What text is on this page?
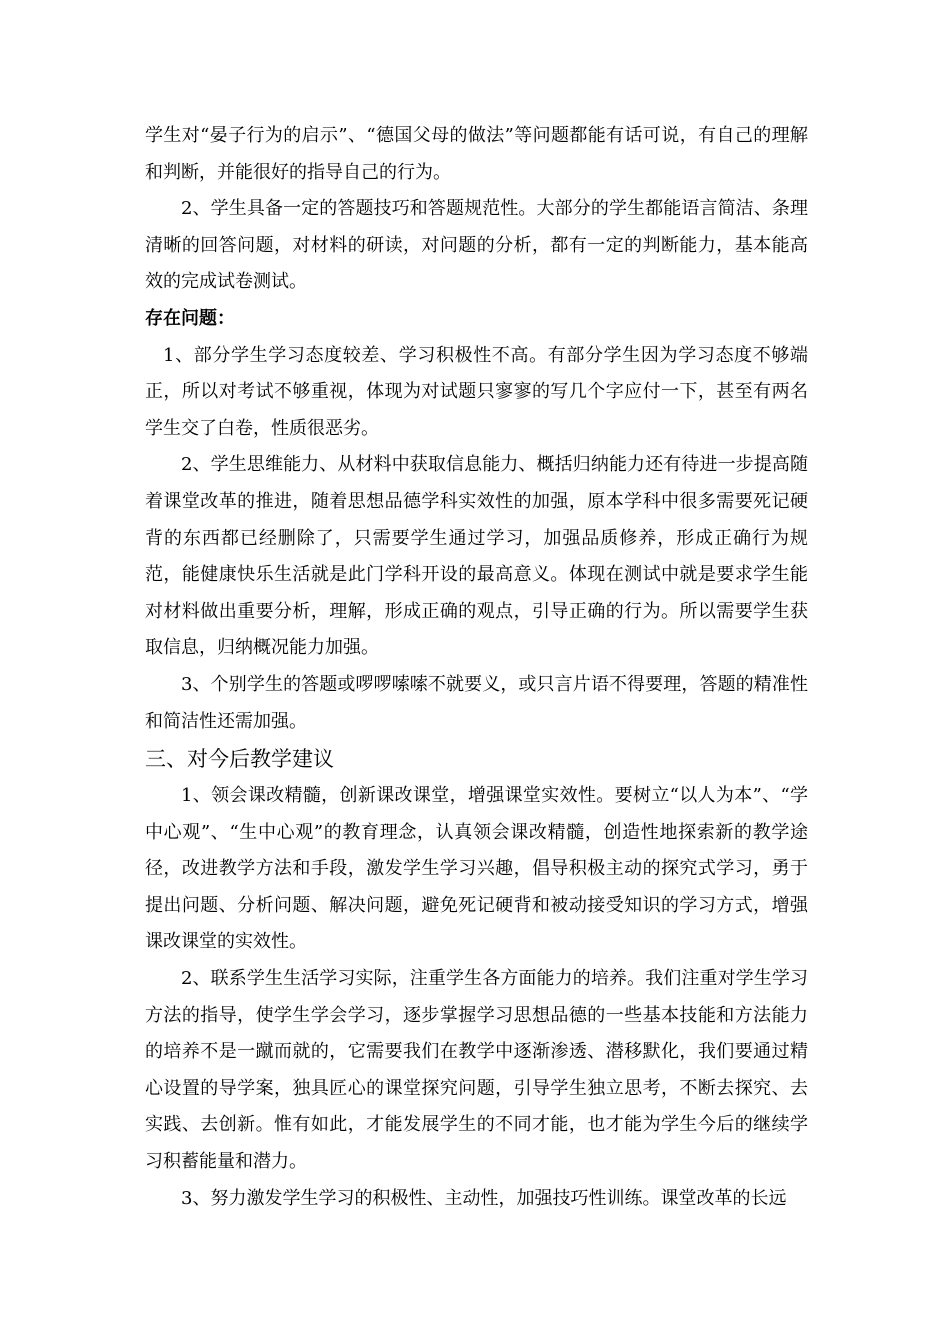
学生对“晏子行为的启示”、“德国父母的做法”等问题都能有话可说，有自己的理解和判断，并能很好的指导自己的行为。

2、学生具备一定的答题技巧和答题规范性。大部分的学生都能语言简洁、条理清晰的回答问题，对材料的研读，对问题的分析，都有一定的判断能力，基本能高效的完成试卷测试。

存在问题：

1、部分学生学习态度较差、学习积极性不高。有部分学生因为学习态度不够端正，所以对考试不够重视，体现为对试题只寥寥的写几个字应付一下，甚至有两名学生交了白卷，性质很恶劣。

2、学生思维能力、从材料中获取信息能力、概括归纳能力还有待进一步提高随着课堂改革的推进，随着思想品德学科实效性的加强，原本学科中很多需要死记硬背的东西都已经删除了，只需要学生通过学习，加强品质修养，形成正确行为规范，能健康快乐生活就是此门学科开设的最高意义。体现在测试中就是要求学生能对材料做出重要分析，理解，形成正确的观点，引导正确的行为。所以需要学生获取信息，归纳概况能力加强。

3、个别学生的答题或啰啰嗦嗦不就要义，或只言片语不得要理，答题的精准性和简洁性还需加强。

三、对今后教学建议

1、领会课改精髓，创新课改课堂，增强课堂实效性。要树立“以人为本”、“学中心观”、“生中心观”的教育理念，认真领会课改精髓，创造性地探索新的教学途径，改进教学方法和手段，激发学生学习兴趣，倡导积极主动的探究式学习，勇于提出问题、分析问题、解决问题，避免死记硬背和被动接受知识的学习方式，增强课改课堂的实效性。

2、联系学生生活学习实际，注重学生各方面能力的培养。我们注重对学生学习方法的指导，使学生学会学习，逐步掌握学习思想品德的一些基本技能和方法能力的培养不是一蹴而就的，它需要我们在教学中逐渐渗透、潜移默化，我们要通过精心设置的导学案，独具匠心的课堂探究问题，引导学生独立思考，不断去探究、去实践、去创新。惟有如此，才能发展学生的不同才能，也才能为学生今后的继续学习积蓄能量和潜力。

3、努力激发学生学习的积极性、主动性，加强技巧性训练。课堂改革的长远
